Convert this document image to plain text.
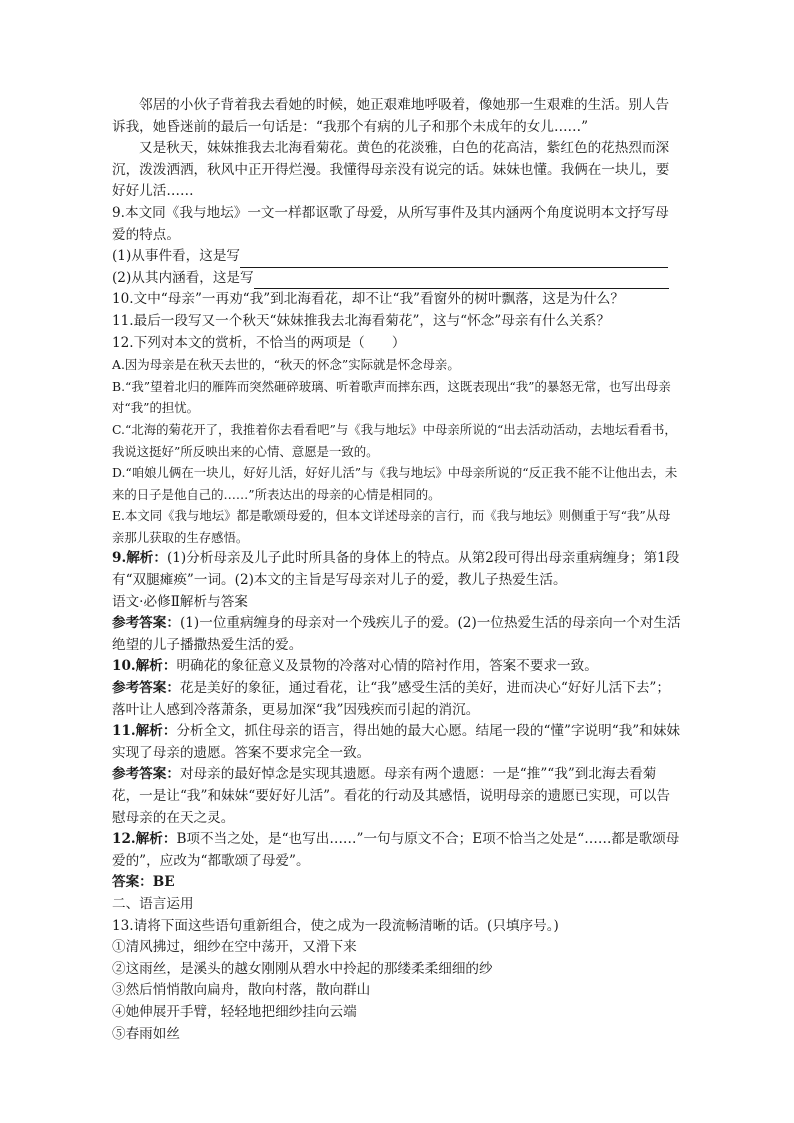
邻居的小伙子背着我去看她的时候，她正艰难地呼吸着，像她那一生艰难的生活。别人告诉我，她昏迷前的最后一句话是：“我那个有病的儿子和那个未成年的女儿……”

又是秋天，妹妹推我去北海看菊花。黄色的花淡雅，白色的花高洁，紫红色的花热烈而深沉，泼泼洒洒，秋风中正开得烂漫。我懂得母亲没有说完的话。妹妹也懂。我俩在一块儿，要好好儿活……

9.本文同《我与地坛》一文一样都讴歌了母爱，从所写事件及其内涵两个角度说明本文抒写母爱的特点。

(1)从事件看，这是写
(2)从其内涵看，这是写

10.文中“母亲”一再劝“我”到北海看花，却不让“我”看窗外的树叶飘落，这是为什么？

11.最后一段写又一个秋天“妹妹推我去北海看菊花”，这与“怀念”母亲有什么关系？

12.下列对本文的赏析，不恰当的两项是（　　）

A.因为母亲是在秋天去世的，“秋天的怀念”实际就是怀念母亲。

B.“我”望着北归的雁阵而突然砸碎玻璃、听着歌声而摔东西，这既表现出“我”的暴怒无常，也写出母亲对“我”的担忧。

C.“北海的菊花开了，我推着你去看看吧”与《我与地坛》中母亲所说的“出去活动活动，去地坛看看书，我说这挺好”所反映出来的心情、意愿是一致的。

D.“咱娘儿俩在一块儿，好好儿活，好好儿活”与《我与地坛》中母亲所说的“反正我不能不让他出去，未来的日子是他自己的……”所表达出的母亲的心情是相同的。

E.本文同《我与地坛》都是歌颂母爱的，但本文详述母亲的言行，而《我与地坛》则侧重于写“我”从母亲那儿获取的生存感悟。

9.解析：(1)分析母亲及儿子此时所具备的身体上的特点。从第2段可得出母亲重病缠身；第1段有“双腿瘫痪”一词。(2)本文的主旨是写母亲对儿子的爱，教儿子热爱生活。

语文·必修Ⅱ解析与答案

参考答案：(1)一位重病缠身的母亲对一个残疾儿子的爱。(2)一位热爱生活的母亲向一个对生活绝望的儿子播撒热爱生活的爱。

10.解析：明确花的象征意义及景物的冷落对心情的陪衬作用，答案不要求一致。

参考答案：花是美好的象征，通过看花，让“我”感受生活的美好，进而决心“好好儿活下去”；落叶让人感到冷落萧条，更易加深“我”因残疾而引起的消沉。

11.解析：分析全文，抓住母亲的语言，得出她的最大心愿。结尾一段的“懂”字说明“我”和妹妹实现了母亲的遗愿。答案不要求完全一致。

参考答案：对母亲的最好悼念是实现其遗愿。母亲有两个遗愿：一是“推”“我”到北海去看菊花，一是让“我”和妹妹“要好好儿活”。看花的行动及其感悟，说明母亲的遗愿已实现，可以告慰母亲的在天之灵。

12.解析：B项不当之处，是“也写出……”一句与原文不合；E项不恰当之处是“……都是歌颂母爱的”，应改为“都歌颂了母爱”。

答案：BE

二、语言运用

13.请将下面这些语句重新组合，使之成为一段流畅清晰的话。(只填序号。)

①清风拂过，细纱在空中荡开，又滑下来

②这雨丝，是溪头的越女刚刚从碧水中拎起的那缕柔柔细细的纱

③然后悄悄散向扁舟，散向村落，散向群山

④她伸展开手臂，轻轻地把细纱挂向云端

⑤春雨如丝
